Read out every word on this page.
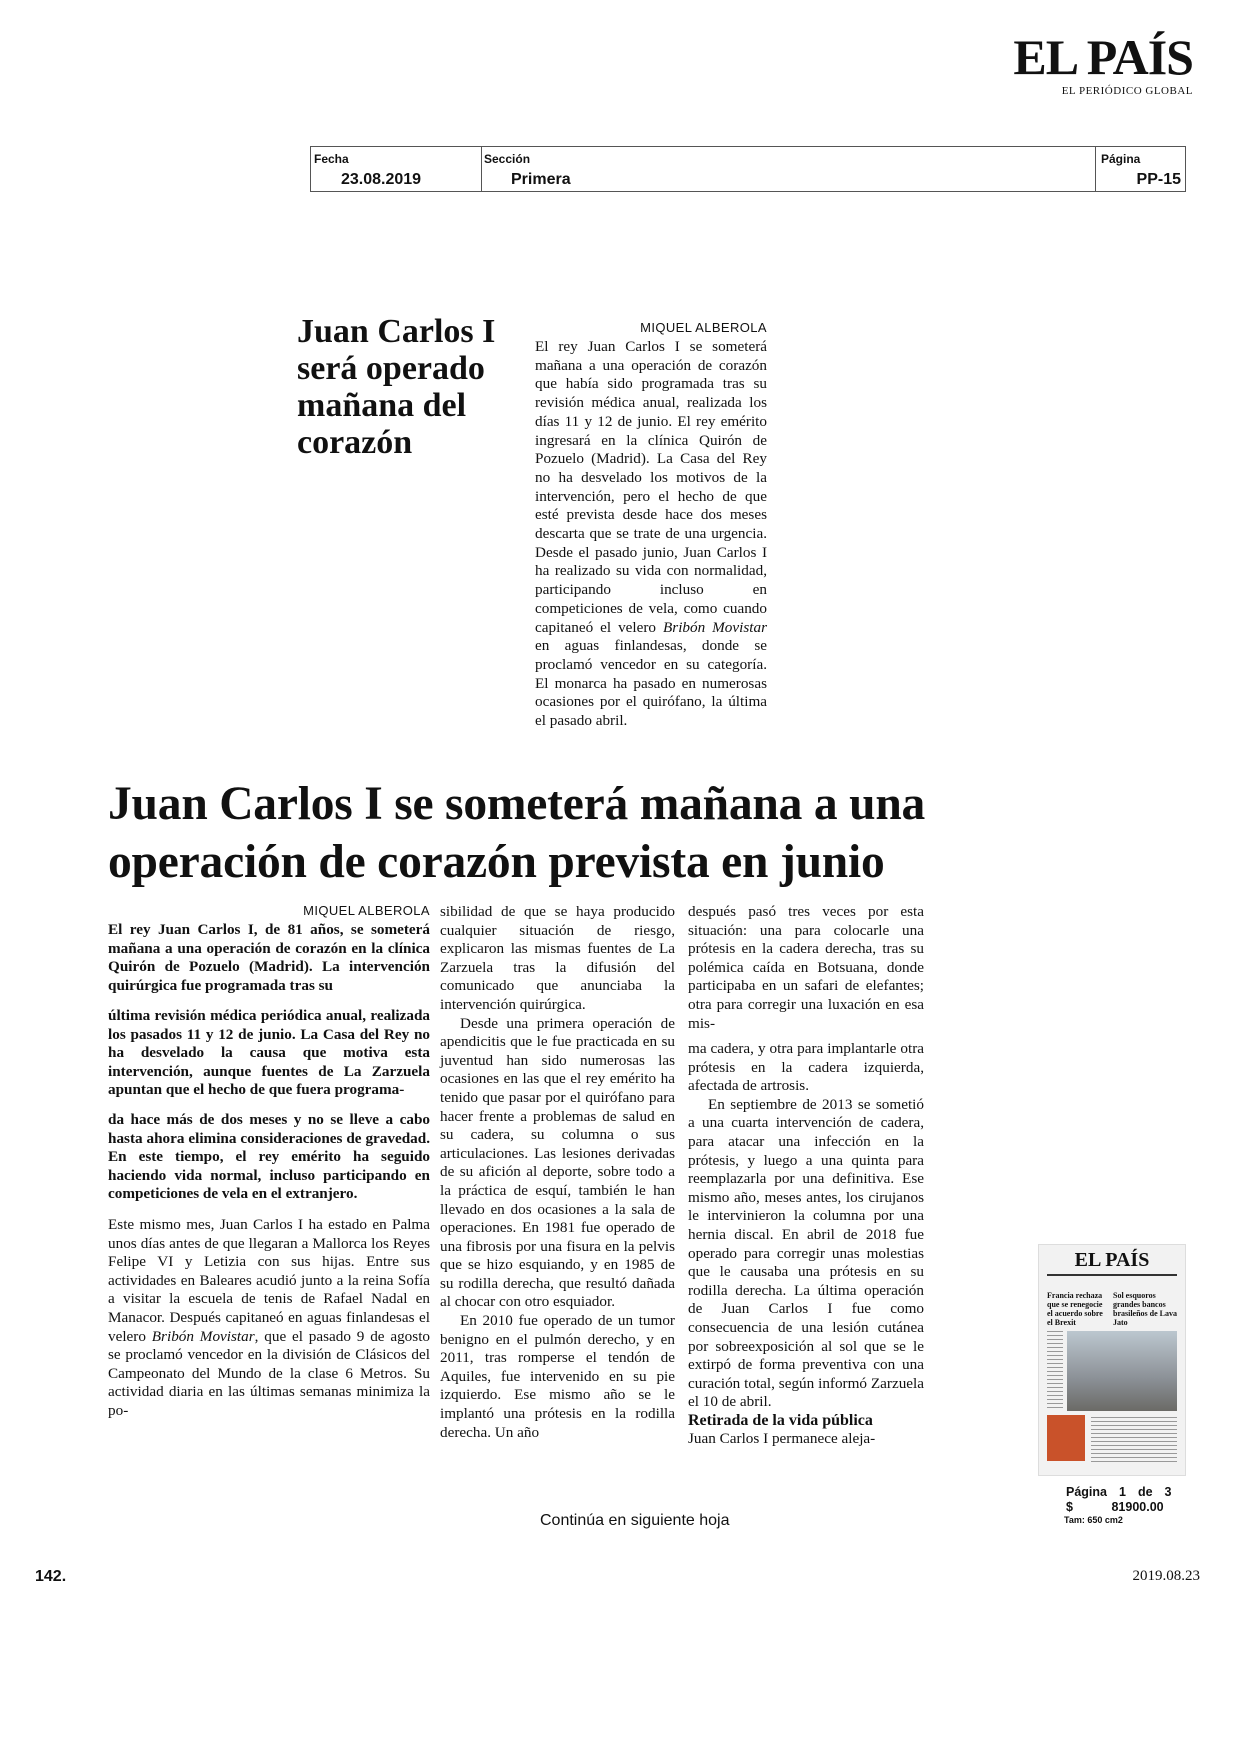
EL PAÍS
EL PERIÓDICO GLOBAL
Fecha
23.08.2019
Sección
Primera
Página
PP-15
Juan Carlos I será operado mañana del corazón
MIQUEL ALBEROLA
El rey Juan Carlos I se someterá mañana a una operación de corazón que había sido programada tras su revisión médica anual, realizada los días 11 y 12 de junio. El rey emérito ingresará en la clínica Quirón de Pozuelo (Madrid). La Casa del Rey no ha desvelado los motivos de la intervención, pero el hecho de que esté prevista desde hace dos meses descarta que se trate de una urgencia. Desde el pasado junio, Juan Carlos I ha realizado su vida con normalidad, participando incluso en competiciones de vela, como cuando capitaneó el velero Bribón Movistar en aguas finlandesas, donde se proclamó vencedor en su categoría. El monarca ha pasado en numerosas ocasiones por el quirófano, la última el pasado abril.
Juan Carlos I se someterá mañana a una operación de corazón prevista en junio
MIQUEL ALBEROLA

El rey Juan Carlos I, de 81 años, se someterá mañana a una operación de corazón en la clínica Quirón de Pozuelo (Madrid). La intervención quirúrgica fue programada tras su

última revisión médica periódica anual, realizada los pasados 11 y 12 de junio. La Casa del Rey no ha desvelado la causa que motiva esta intervención, aunque fuentes de La Zarzuela apuntan que el hecho de que fuera programa-

da hace más de dos meses y no se lleve a cabo hasta ahora elimina consideraciones de gravedad. En este tiempo, el rey emérito ha seguido haciendo vida normal, incluso participando en competiciones de vela en el extranjero.

Este mismo mes, Juan Carlos I ha estado en Palma unos días antes de que llegaran a Mallorca los Reyes Felipe VI y Letizia con sus hijas. Entre sus actividades en Baleares acudió junto a la reina Sofía a visitar la escuela de tenis de Rafael Nadal en Manacor. Después capitaneó en aguas finlandesas el velero Bribón Movistar, que el pasado 9 de agosto se proclamó vencedor en la división de Clásicos del Campeonato del Mundo de la clase 6 Metros. Su actividad diaria en las últimas semanas minimiza la po-

sibilidad de que se haya producido cualquier situación de riesgo, explicaron las mismas fuentes de La Zarzuela tras la difusión del comunicado que anunciaba la intervención quirúrgica.

Desde una primera operación de apendicitis que le fue practicada en su juventud han sido numerosas las ocasiones en las que el rey emérito ha tenido que pasar por el quirófano para hacer frente a problemas de salud en su cadera, su columna o sus articulaciones. Las lesiones derivadas de su afición al deporte, sobre todo a la práctica de esquí, también le han llevado en dos ocasiones a la sala de operaciones. En 1981 fue operado de una fibrosis por una fisura en la pelvis que se hizo esquiando, y en 1985 de su rodilla derecha, que resultó dañada al chocar con otro esquiador.

En 2010 fue operado de un tumor benigno en el pulmón derecho, y en 2011, tras romperse el tendón de Aquiles, fue intervenido en su pie izquierdo. Ese mismo año se le implantó una prótesis en la rodilla derecha. Un año

después pasó tres veces por esta situación: una para colocarle una prótesis en la cadera derecha, tras su polémica caída en Botsuana, donde participaba en un safari de elefantes; otra para corregir una luxación en esa mis-

ma cadera, y otra para implantarle otra prótesis en la cadera izquierda, afectada de artrosis.

En septiembre de 2013 se sometió a una cuarta intervención de cadera, para atacar una infección en la prótesis, y luego a una quinta para reemplazarla por una definitiva. Ese mismo año, meses antes, los cirujanos le intervinieron la columna por una hernia discal. En abril de 2018 fue operado para corregir unas molestias que le causaba una prótesis en su rodilla derecha. La última operación de Juan Carlos I fue como consecuencia de una lesión cutánea por sobreexposición al sol que se le extirpó de forma preventiva con una curación total, según informó Zarzuela el 10 de abril.

Retirada de la vida pública

Juan Carlos I permanece aleja-

EL PAÍS
Francia rechaza que se renegocie el acuerdo sobre el Brexit
Sol esquoros grandes bancos brasileños de Lava Jato
Página 1 de 3
$	81900.00
Tam: 650 cm2
Continúa en siguiente hoja
142.	2019.08.23
